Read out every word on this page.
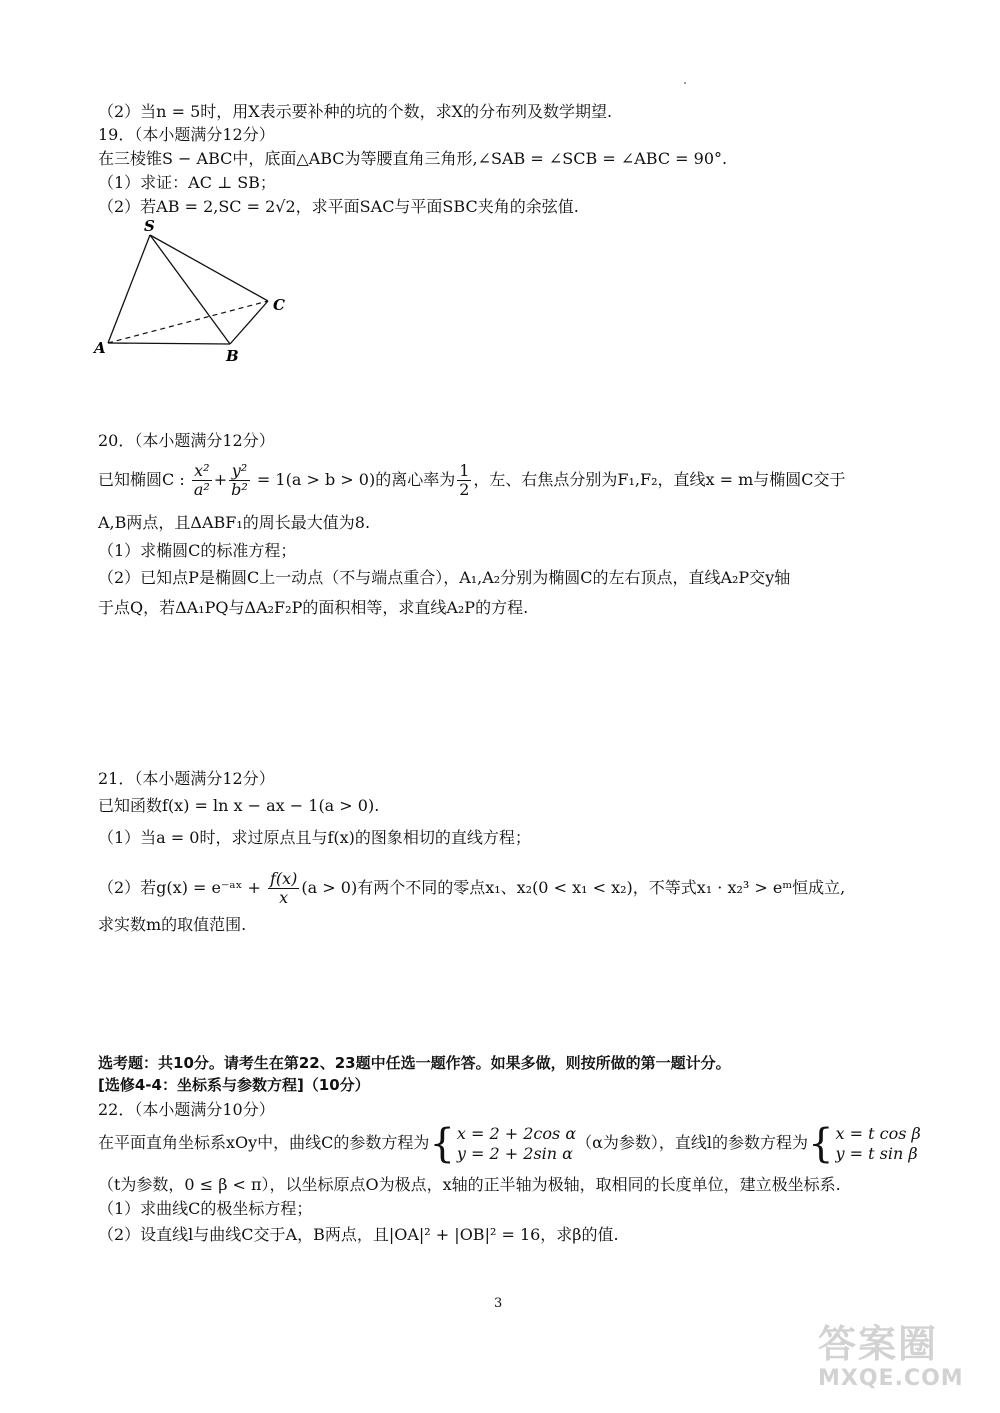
（2）当n = 5时，用X表示要补种的坑的个数，求X的分布列及数学期望.
19．（本小题满分12分）
在三棱锥S − ABC中，底面△ABC为等腰直角三角形,∠SAB = ∠SCB = ∠ABC = 90°.
（1）求证：AC ⊥ SB；
（2）若AB = 2,SC = 2√2，求平面SAC与平面SBC夹角的余弦值.
S
A	B
C
20．（本小题满分12分）
已知椭圆C : $\frac{\text{x²}}{\text{a²}} + \frac{\text{y²}}{\text{b²}} = 1(a > b > 0)$的离心率为 $\frac{1}{2}$ ，左、右焦点分别为F₁,F₂，直线x = m与椭圆C交于
A,B两点，且ΔABF₁的周长最大值为8.
（1）求椭圆C的标准方程；
（2）已知点P是椭圆C上一动点（不与端点重合），A₁,A₂分别为椭圆C的左右顶点，直线A₂P交y轴
于点Q，若ΔA₁PQ与ΔA₂F₂P的面积相等，求直线A₂P的方程.
21．（本小题满分12分）
已知函数f(x) = ln x − ax − 1(a > 0).
（1）当a = 0时，求过原点且与f(x)的图象相切的直线方程；
（2）若g(x) = e⁻ᵃˣ + $\frac{f(x)}{x} (a > 0)$有两个不同的零点x₁、x₂(0 < x₁ < x₂)，不等式x₁ · x₂³ > eᵐ恒成立,
求实数m的取值范围.
选考题：共10分。请考生在第22、23题中任选一题作答。如果多做，则按所做的第一题计分。
[选修4-4：坐标系与参数方程]（10分）
22．（本小题满分10分）
在平面直角坐标系xOy中，曲线C的参数方程为{ x = 2 + 2cos α
y = 2 + 2sin α
（α为参数），直线l的参数方程为{ x = t cos β
y = t sin β
（t为参数，0 ≤ β < π），以坐标原点O为极点，x轴的正半轴为极轴，取相同的长度单位，建立极坐标系.
（1）求曲线C的极坐标方程；
（2）设直线l与曲线C交于A，B两点，且|OA|² + |OB|² = 16，求β的值.
3
答案圈
MXQE.COM
